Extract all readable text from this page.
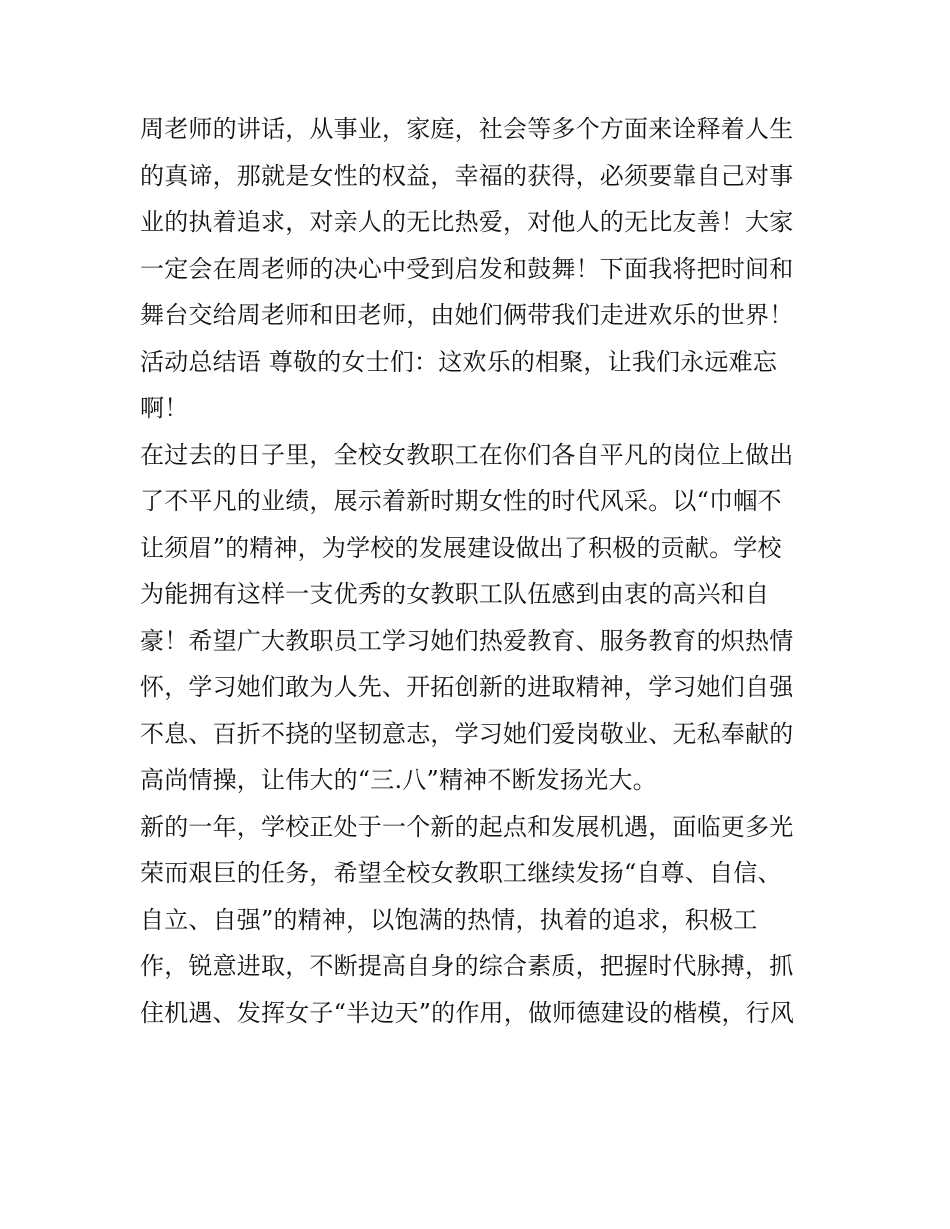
周老师的讲话，从事业，家庭，社会等多个方面来诠释着人生
的真谛，那就是女性的权益，幸福的获得，必须要靠自己对事
业的执着追求，对亲人的无比热爱，对他人的无比友善！大家
一定会在周老师的决心中受到启发和鼓舞！下面我将把时间和
舞台交给周老师和田老师，由她们俩带我们走进欢乐的世界！
活动总结语 尊敬的女士们：这欢乐的相聚，让我们永远难忘
啊！
在过去的日子里，全校女教职工在你们各自平凡的岗位上做出
了不平凡的业绩，展示着新时期女性的时代风采。以“巾帼不
让须眉”的精神，为学校的发展建设做出了积极的贡献。学校
为能拥有这样一支优秀的女教职工队伍感到由衷的高兴和自
豪！希望广大教职员工学习她们热爱教育、服务教育的炽热情
怀，学习她们敢为人先、开拓创新的进取精神，学习她们自强
不息、百折不挠的坚韧意志，学习她们爱岗敬业、无私奉献的
高尚情操，让伟大的“三.八”精神不断发扬光大。
新的一年，学校正处于一个新的起点和发展机遇，面临更多光
荣而艰巨的任务，希望全校女教职工继续发扬“自尊、自信、
自立、自强”的精神，以饱满的热情，执着的追求，积极工
作，锐意进取，不断提高自身的综合素质，把握时代脉搏，抓
住机遇、发挥女子“半边天”的作用，做师德建设的楷模，行风
